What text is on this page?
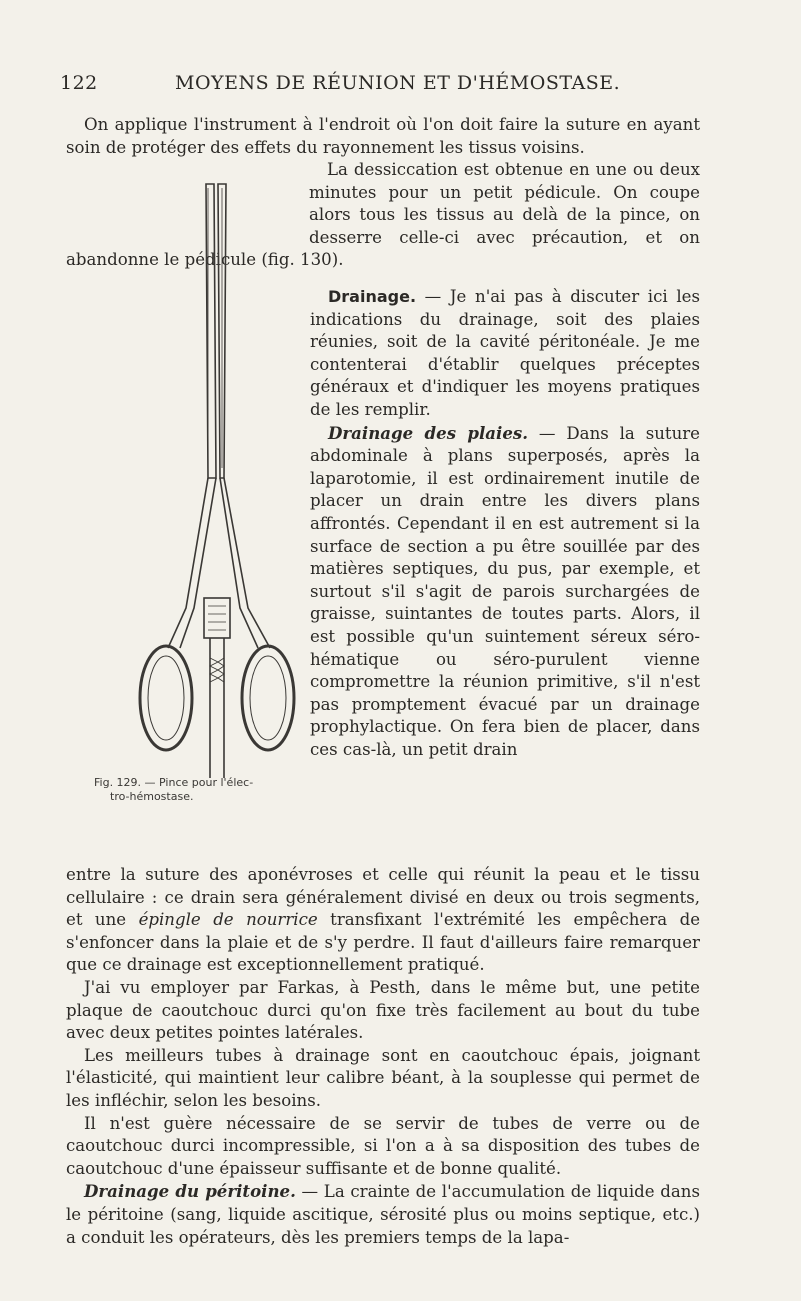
122	MOYENS DE RÉUNION ET D'HÉMOSTASE.

On applique l'instrument à l'endroit où l'on doit faire la suture en ayant soin de protéger des effets du rayonnement les tissus voisins.

La dessiccation est obtenue en une ou deux minutes pour un petit pédicule. On coupe alors tous les tissus au delà de la pince, on desserre celle-ci avec précaution, et on abandonne le pédicule (fig. 130).

Drainage. — Je n'ai pas à discuter ici les indications du drainage, soit des plaies réunies, soit de la cavité péritonéale. Je me contenterai d'établir quelques préceptes généraux et d'indiquer les moyens pratiques de les remplir.

Drainage des plaies. — Dans la suture abdominale à plans superposés, après la laparotomie, il est ordinairement inutile de placer un drain entre les divers plans affrontés. Cependant il en est autrement si la surface de section a pu être souillée par des matières septiques, du pus, par exemple, et surtout s'il s'agit de parois surchargées de graisse, suintantes de toutes parts. Alors, il est possible qu'un suintement séreux séro-hématique ou séro-purulent vienne compromettre la réunion primitive, s'il n'est pas promptement évacué par un drainage prophylactique. On fera bien de placer, dans ces cas-là, un petit drain

Fig. 129. — Pince pour l'élec-
tro-hémostase.

entre la suture des aponévroses et celle qui réunit la peau et le tissu cellulaire : ce drain sera généralement divisé en deux ou trois segments, et une épingle de nourrice transfixant l'extrémité les empêchera de s'enfoncer dans la plaie et de s'y perdre. Il faut d'ailleurs faire remarquer que ce drainage est exceptionnellement pratiqué.

J'ai vu employer par Farkas, à Pesth, dans le même but, une petite plaque de caoutchouc durci qu'on fixe très facilement au bout du tube avec deux petites pointes latérales.

Les meilleurs tubes à drainage sont en caoutchouc épais, joignant l'élasticité, qui maintient leur calibre béant, à la souplesse qui permet de les infléchir, selon les besoins.

Il n'est guère nécessaire de se servir de tubes de verre ou de caoutchouc durci incompressible, si l'on a à sa disposition des tubes de caoutchouc d'une épaisseur suffisante et de bonne qualité.

Drainage du péritoine. — La crainte de l'accumulation de liquide dans le péritoine (sang, liquide ascitique, sérosité plus ou moins septique, etc.) a conduit les opérateurs, dès les premiers temps de la lapa-
